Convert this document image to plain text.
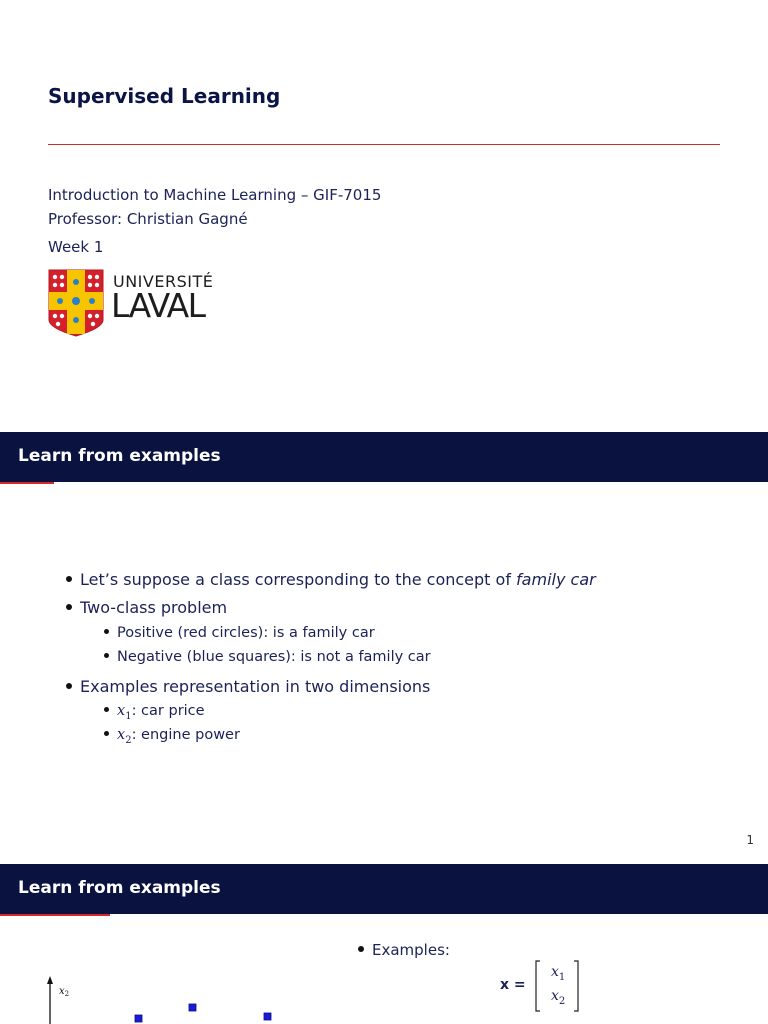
Supervised Learning
Introduction to Machine Learning – GIF-7015
Professor: Christian Gagné
Week 1
UNIVERSITÉ
LAVAL
Learn from examples
Let’s suppose a class corresponding to the concept of family car
Two-class problem
Positive (red circles): is a family car
Negative (blue squares): is not a family car
Examples representation in two dimensions
$x_1$: car price
$x_2$: engine power
1
Learn from examples
Examples:
$x_2$
x =
$x_1$
$x_2$
